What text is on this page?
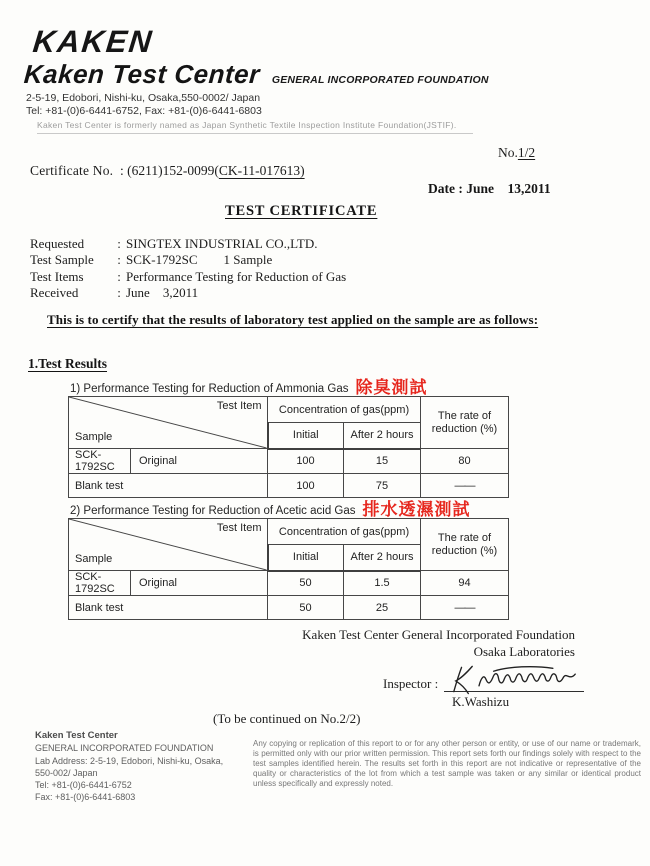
KAKEN
Kaken Test Center GENERAL INCORPORATED FOUNDATION
2-5-19, Edobori, Nishi-ku, Osaka,550-0002/ Japan
Tel: +81-(0)6-6441-6752, Fax: +81-(0)6-6441-6803
Kaken Test Center is formerly named as Japan Synthetic Textile Inspection Institute Foundation(JSTIF).
No.1/2
Certificate No. : (6211)152-0099(CK-11-017613)
Date : June    13,2011
TEST CERTIFICATE
Requested	: SINGTEX INDUSTRIAL CO.,LTD.
Test Sample	: SCK-1792SC        1 Sample
Test Items	: Performance Testing for Reduction of Gas
Received	: June    3,2011
This is to certify that the results of laboratory test applied on the sample are as follows:
1.Test Results
1) Performance Testing for Reduction of Ammonia Gas 除臭測試
Test Item
Sample		Concentration of gas(ppm)		The rate of reduction (%)
		Initial	After 2 hours	
SCK-1792SC	Original	100	15	80
Blank test		100	75	——
2) Performance Testing for Reduction of Acetic acid Gas 排水透濕測試
Test Item
Sample		Concentration of gas(ppm)		The rate of reduction (%)
		Initial	After 2 hours	
SCK-1792SC	Original	50	1.5	94
Blank test		50	25	——
Kaken Test Center General Incorporated Foundation
Osaka Laboratories
Inspector :
K.Washizu
(To be continued on No.2/2)
Kaken Test Center
GENERAL INCORPORATED FOUNDATION
Lab Address: 2-5-19, Edobori, Nishi-ku, Osaka,
550-002/ Japan
Tel: +81-(0)6-6441-6752
Fax: +81-(0)6-6441-6803
Any copying or replication of this report to or for any other person or entity, or use of our name or trademark, is permitted only with our prior written permission. This report sets forth our findings solely with respect to the test samples identified herein. The results set forth in this report are not indicative or representative of the quality or characteristics of the lot from which a test sample was taken or any similar or identical product unless specifically and expressly noted.
